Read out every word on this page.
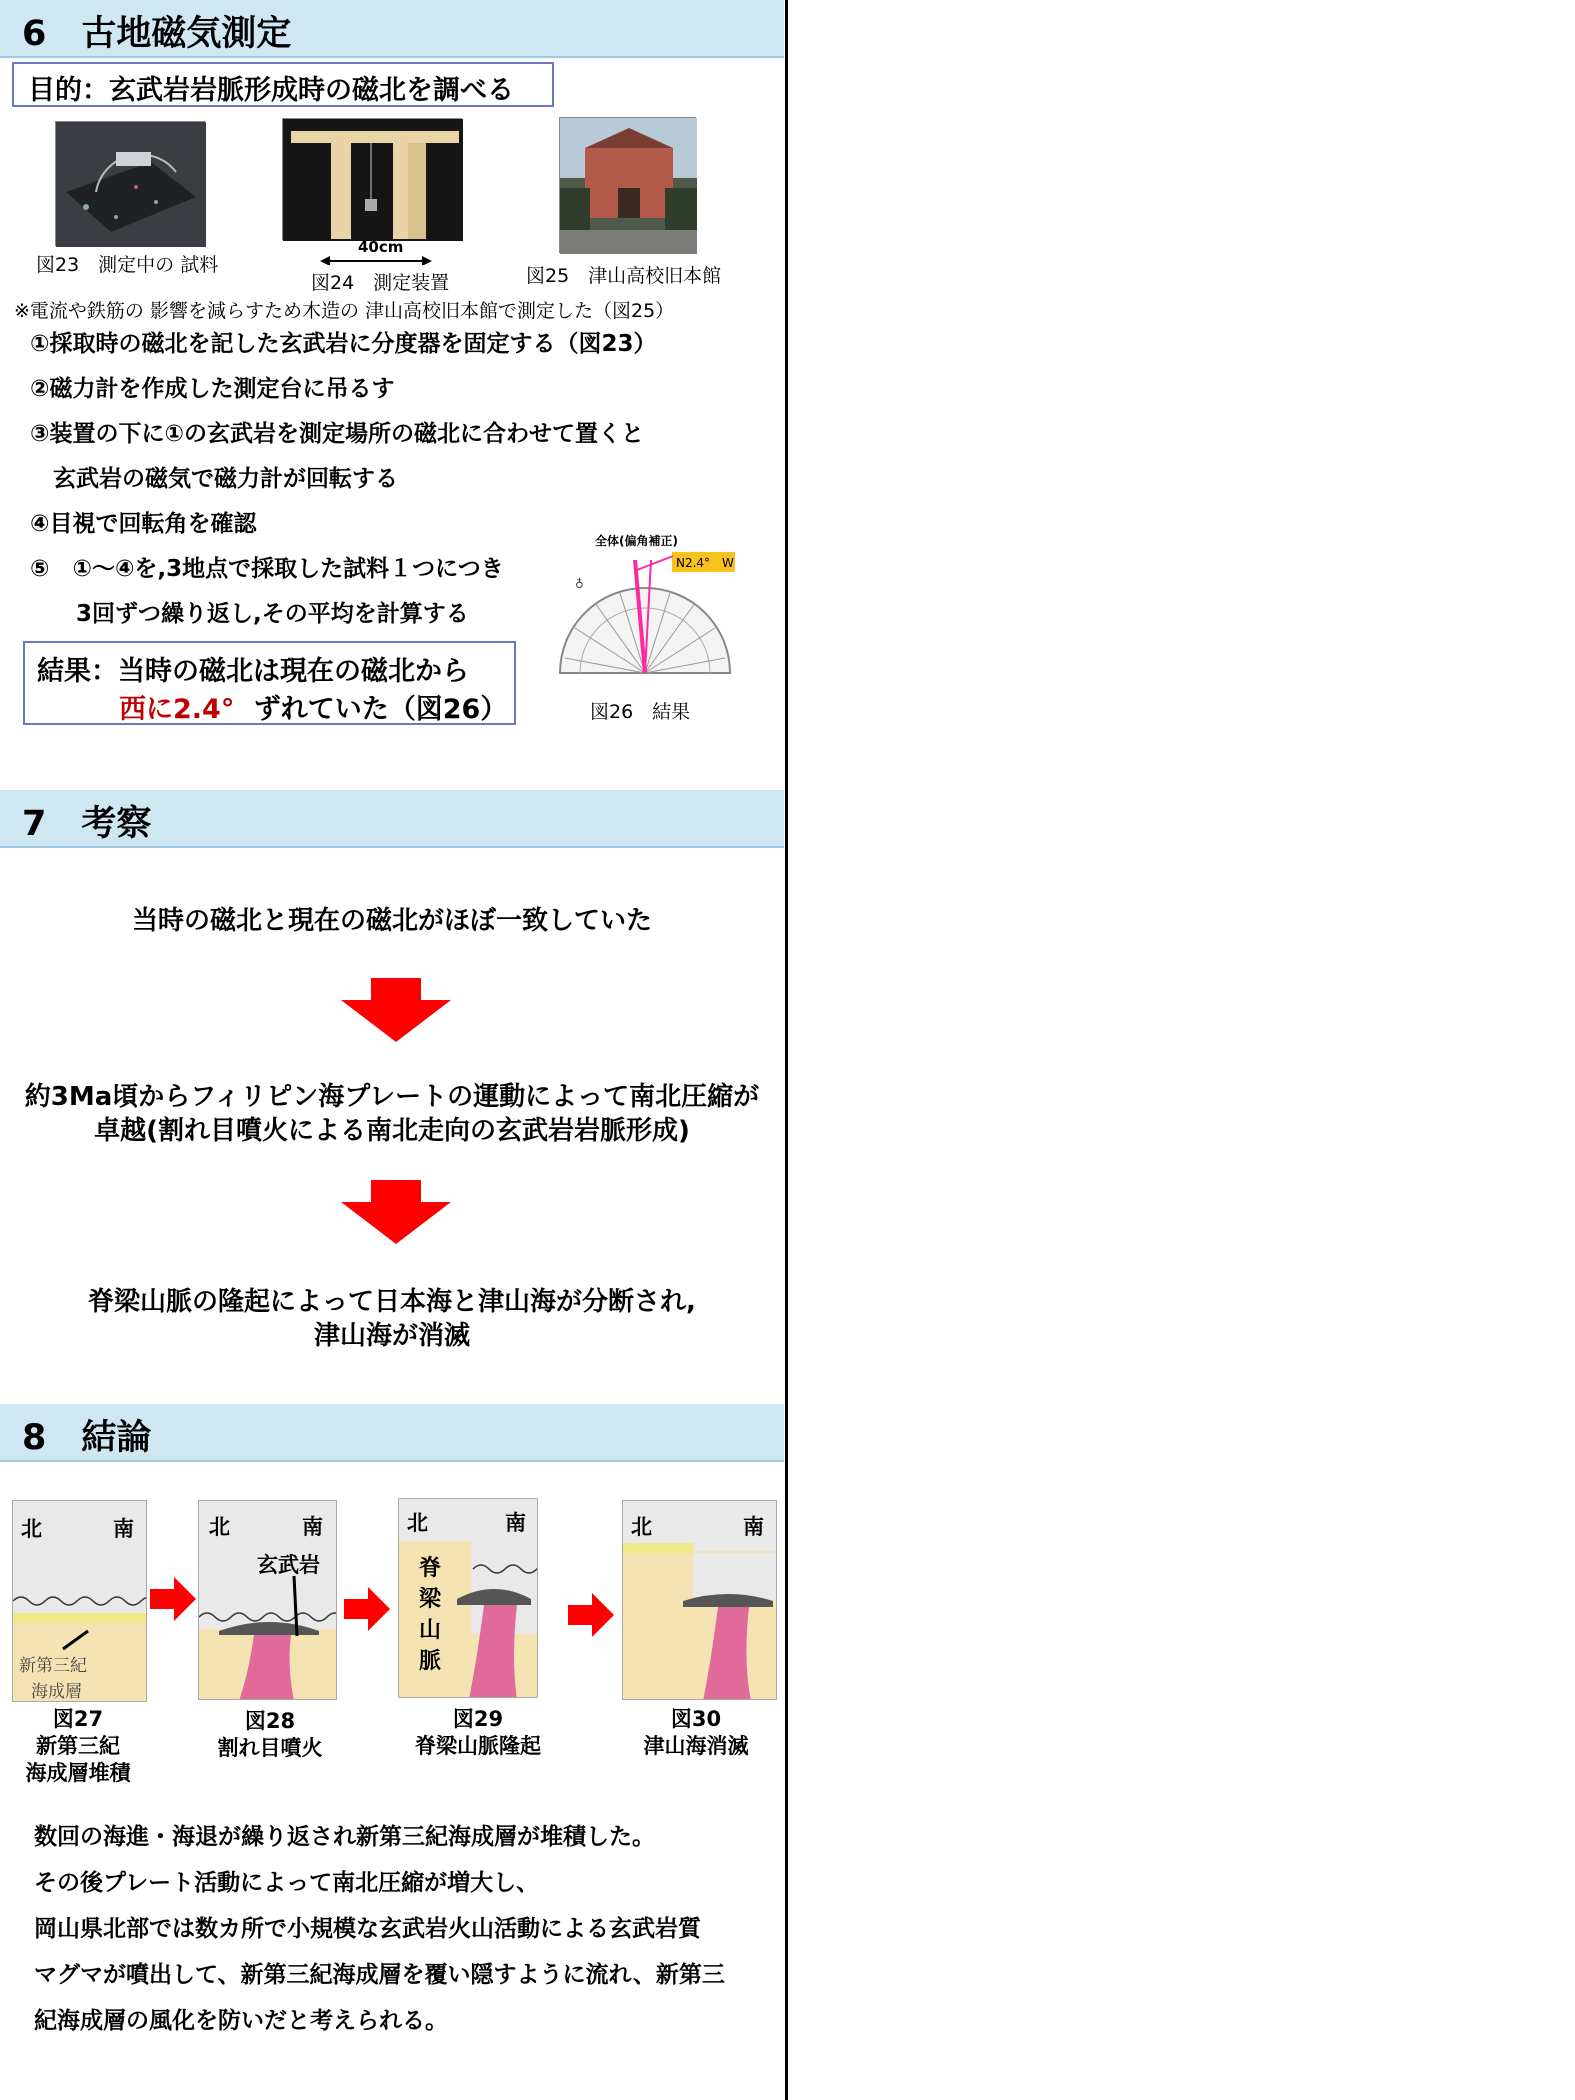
6　古地磁気測定
目的：玄武岩岩脈形成時の磁北を調べる
図23　測定中の 試料
40cm
図24　測定装置	図25　津山高校旧本館
※電流や鉄筋の 影響を減らすため木造の 津山高校旧本館で測定した（図25）
①採取時の磁北を記した玄武岩に分度器を固定する（図23）
②磁力計を作成した測定台に吊るす
③装置の下に①の玄武岩を測定場所の磁北に合わせて置くと
　玄武岩の磁気で磁力計が回転する
④目視で回転角を確認
⑤　①～④を,3地点で採取した試料１つにつき
　　3回ずつ繰り返し,その平均を計算する
結果：当時の磁北は現在の磁北から
西に2.4° ずれていた（図26）
全体(偏角補正)
N2.4°　W
♁
図26　結果
7　考察
当時の磁北と現在の磁北がほぼ一致していた
約3Ma頃からフィリピン海プレートの運動によって南北圧縮が
卓越(割れ目噴火による南北走向の玄武岩岩脈形成)
脊梁山脈の隆起によって日本海と津山海が分断され,
津山海が消滅
8　結論
北	南
新第三紀
海成層
北	南
玄武岩
北	南
脊
梁
山
脈
北	南
図27
新第三紀
海成層堆積
図28
割れ目噴火
図29
脊梁山脈隆起
図30
津山海消滅
数回の海進・海退が繰り返され新第三紀海成層が堆積した。
その後プレート活動によって南北圧縮が増大し、
岡山県北部では数カ所で小規模な玄武岩火山活動による玄武岩質
マグマが噴出して、新第三紀海成層を覆い隠すように流れ、新第三
紀海成層の風化を防いだと考えられる。
